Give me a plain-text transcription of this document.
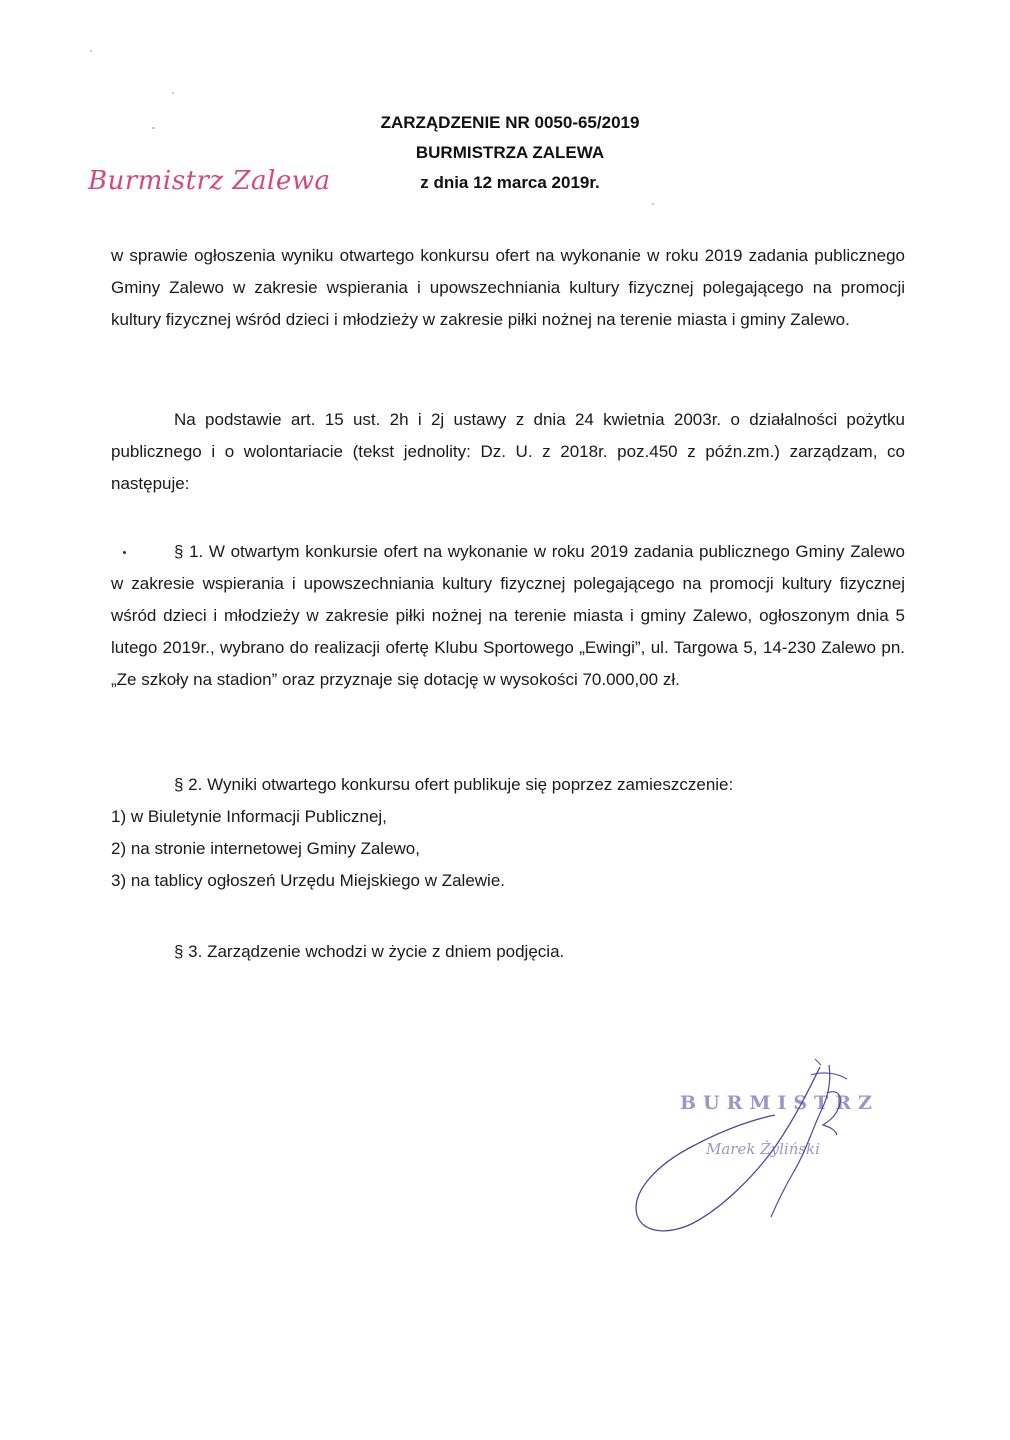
ZARZĄDZENIE NR 0050-65/2019
BURMISTRZA ZALEWA
z dnia 12 marca 2019r.
Burmistrz Zalewa
w sprawie ogłoszenia wyniku otwartego konkursu ofert na wykonanie w roku 2019 zadania publicznego Gminy Zalewo w zakresie wspierania i upowszechniania kultury fizycznej polegającego na promocji kultury fizycznej wśród dzieci i młodzieży w zakresie piłki nożnej na terenie miasta i gminy Zalewo.
Na podstawie art. 15 ust. 2h i 2j ustawy z dnia 24 kwietnia 2003r. o działalności pożytku publicznego i o wolontariacie (tekst jednolity: Dz. U. z 2018r. poz.450 z późn.zm.) zarządzam, co następuje:
§ 1. W otwartym konkursie ofert na wykonanie w roku 2019 zadania publicznego Gminy Zalewo w zakresie wspierania i upowszechniania kultury fizycznej polegającego na promocji kultury fizycznej wśród dzieci i młodzieży w zakresie piłki nożnej na terenie miasta i gminy Zalewo, ogłoszonym dnia 5 lutego 2019r., wybrano do realizacji ofertę Klubu Sportowego „Ewingi”, ul. Targowa 5, 14-230 Zalewo pn. „Ze szkoły na stadion” oraz przyznaje się dotację w wysokości 70.000,00 zł.
§ 2. Wyniki otwartego konkursu ofert publikuje się poprzez zamieszczenie:
1) w Biuletynie Informacji Publicznej,
2) na stronie internetowej Gminy Zalewo,
3) na tablicy ogłoszeń Urzędu Miejskiego w Zalewie.
§ 3. Zarządzenie wchodzi w życie z dniem podjęcia.
BURMISTRZ
Marek Żyliński
